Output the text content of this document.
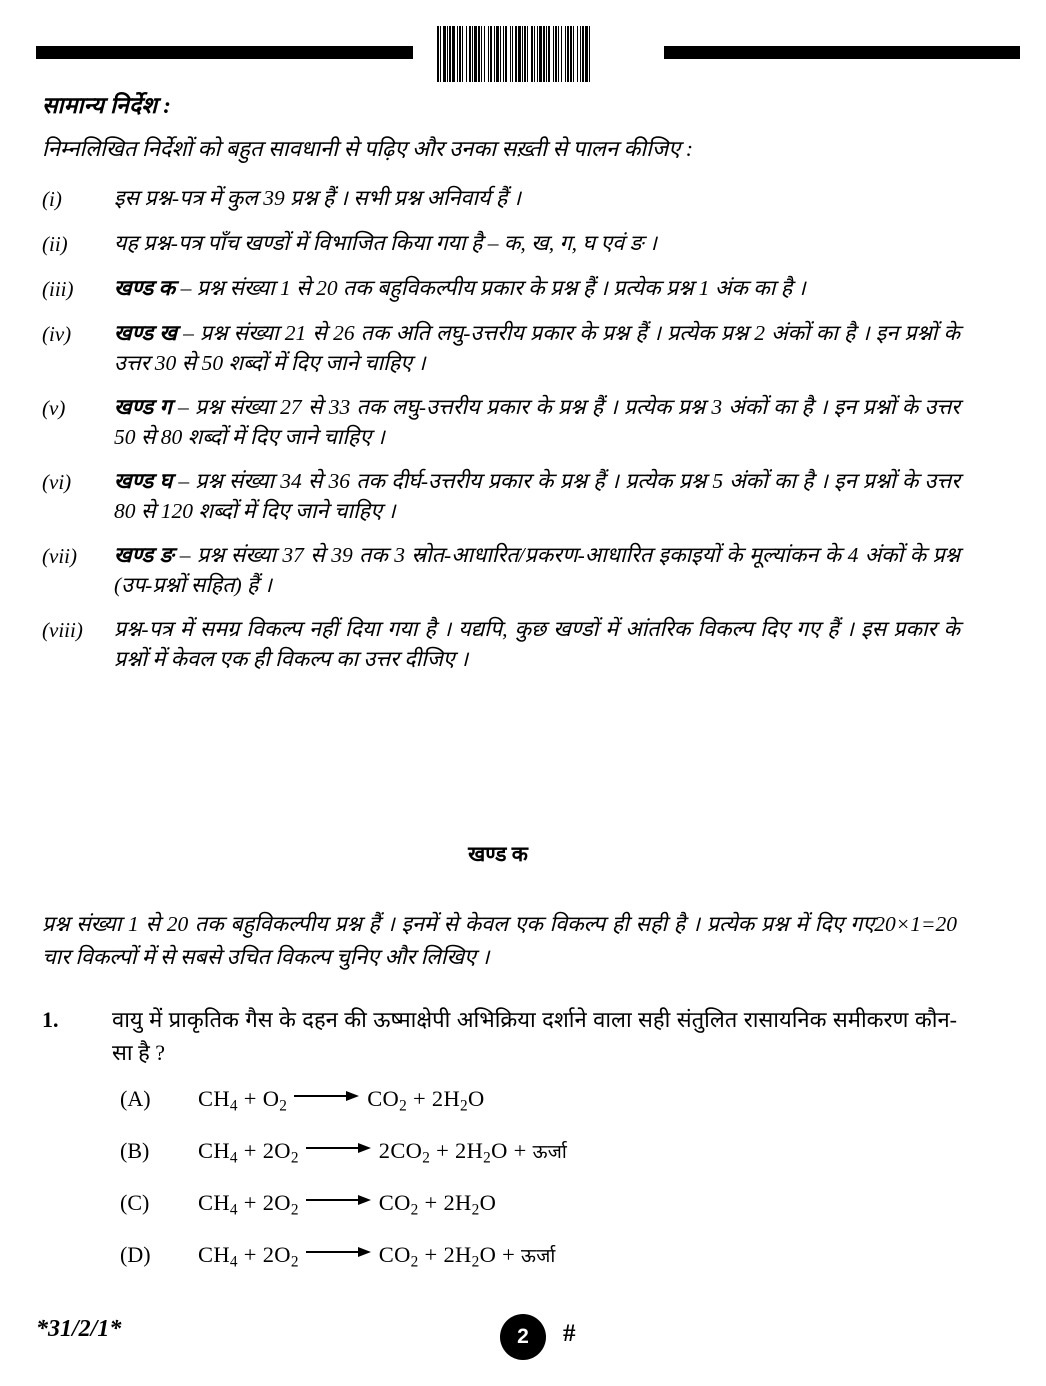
सामान्य निर्देश :
निम्नलिखित निर्देशों को बहुत सावधानी से पढ़िए और उनका सख़्ती से पालन कीजिए :
(i)	इस प्रश्न-पत्र में कुल 39 प्रश्न हैं । सभी प्रश्न अनिवार्य हैं ।
(ii)	यह प्रश्न-पत्र पाँच खण्डों में विभाजित किया गया है – क, ख, ग, घ एवं ङ ।
(iii)	खण्ड क – प्रश्न संख्या 1 से 20 तक बहुविकल्पीय प्रकार के प्रश्न हैं । प्रत्येक प्रश्न 1 अंक का है ।
(iv)	खण्ड ख – प्रश्न संख्या 21 से 26 तक अति लघु-उत्तरीय प्रकार के प्रश्न हैं । प्रत्येक प्रश्न 2 अंकों का है । इन प्रश्नों के उत्तर 30 से 50 शब्दों में दिए जाने चाहिए ।
(v)	खण्ड ग – प्रश्न संख्या 27 से 33 तक लघु-उत्तरीय प्रकार के प्रश्न हैं । प्रत्येक प्रश्न 3 अंकों का है । इन प्रश्नों के उत्तर 50 से 80 शब्दों में दिए जाने चाहिए ।
(vi)	खण्ड घ – प्रश्न संख्या 34 से 36 तक दीर्घ-उत्तरीय प्रकार के प्रश्न हैं । प्रत्येक प्रश्न 5 अंकों का है । इन प्रश्नों के उत्तर 80 से 120 शब्दों में दिए जाने चाहिए ।
(vii)	खण्ड ङ – प्रश्न संख्या 37 से 39 तक 3 स्रोत-आधारित/प्रकरण-आधारित इकाइयों के मूल्यांकन के 4 अंकों के प्रश्न (उप-प्रश्नों सहित) हैं ।
(viii)	प्रश्न-पत्र में समग्र विकल्प नहीं दिया गया है । यद्यपि, कुछ खण्डों में आंतरिक विकल्प दिए गए हैं । इस प्रकार के प्रश्नों में केवल एक ही विकल्प का उत्तर दीजिए ।
खण्ड क
20×1=20
प्रश्न संख्या 1 से 20 तक बहुविकल्पीय प्रश्न हैं । इनमें से केवल एक विकल्प ही सही है । प्रत्येक प्रश्न में दिए गए चार विकल्पों में से सबसे उचित विकल्प चुनिए और लिखिए ।
1.	वायु में प्राकृतिक गैस के दहन की ऊष्माक्षेपी अभिक्रिया दर्शाने वाला सही संतुलित रासायनिक समीकरण कौन-सा है ?
(A)	$CH_4 + O_2$	$CO_2 + 2H_2O$
(B)	$CH_4 + 2O_2$	$2CO_2 + 2H_2O$ + ऊर्जा
(C)	$CH_4 + 2O_2$	$CO_2 + 2H_2O$
(D)	$CH_4 + 2O_2$	$CO_2 + 2H_2O$ + ऊर्जा
*31/2/1*	2	#
